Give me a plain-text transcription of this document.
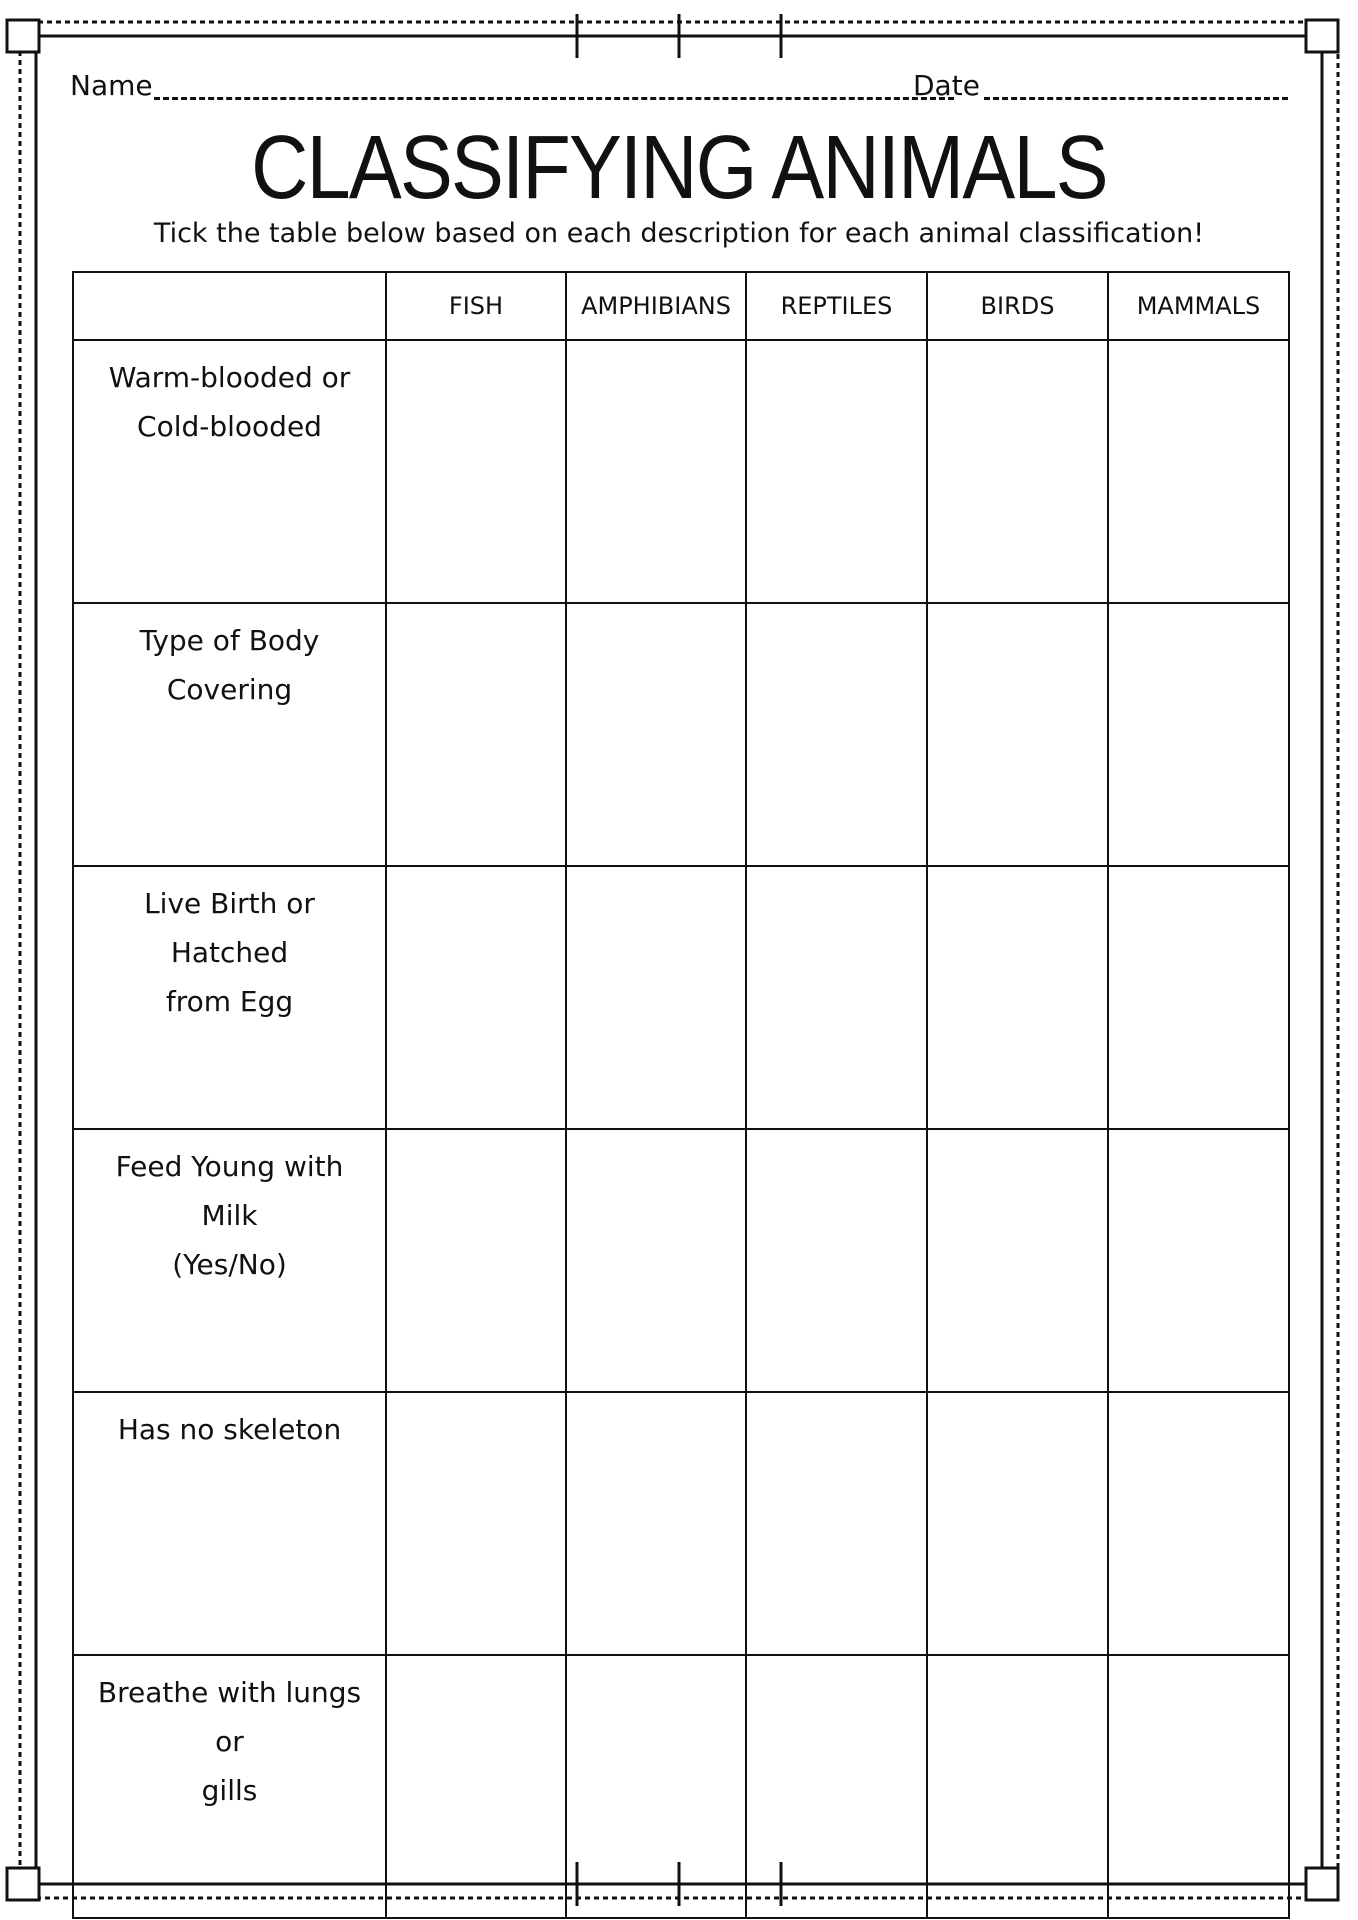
Name	Date
CLASSIFYING ANIMALS
Tick the table below based on each description for each animal classification!
	FISH	AMPHIBIANS	REPTILES	BIRDS	MAMMALS

Warm-blooded or
Cold-blooded					

Type of Body
Covering					

Live Birth or Hatched
from Egg					

Feed Young with Milk
(Yes/No)					

Has no skeleton					

Breathe with lungs or
gills					
